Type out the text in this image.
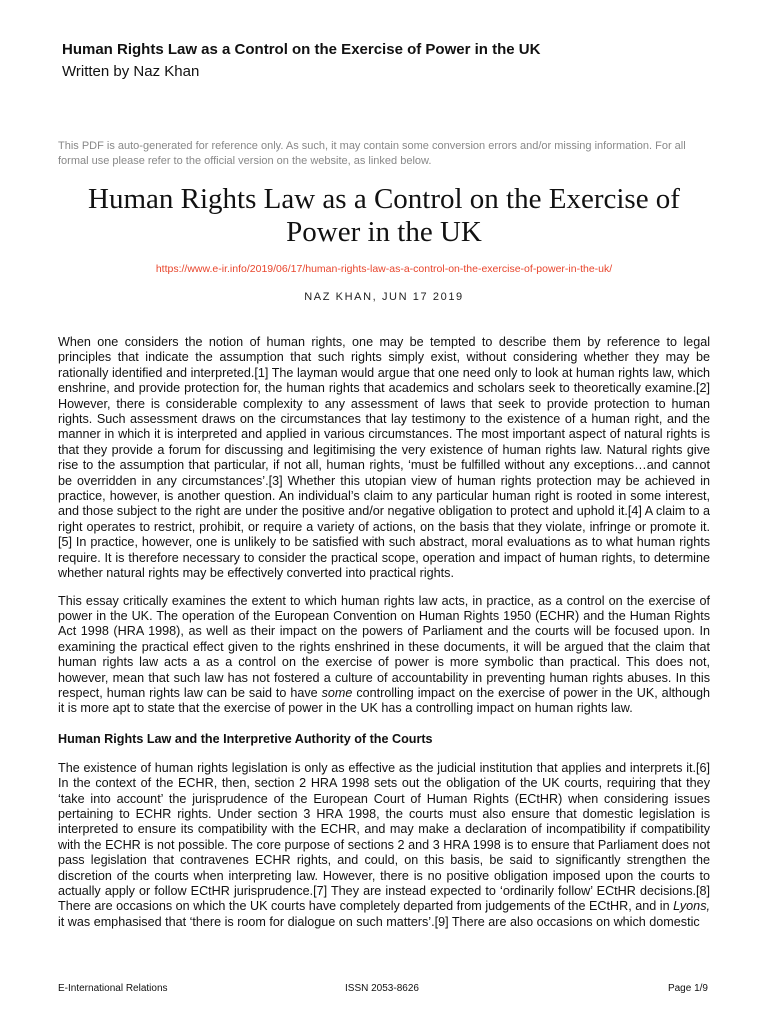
Human Rights Law as a Control on the Exercise of Power in the UK
Written by Naz Khan
This PDF is auto-generated for reference only. As such, it may contain some conversion errors and/or missing information. For all formal use please refer to the official version on the website, as linked below.
Human Rights Law as a Control on the Exercise of Power in the UK
https://www.e-ir.info/2019/06/17/human-rights-law-as-a-control-on-the-exercise-of-power-in-the-uk/
NAZ KHAN, JUN 17 2019

When one considers the notion of human rights, one may be tempted to describe them by reference to legal principles that indicate the assumption that such rights simply exist, without considering whether they may be rationally identified and interpreted.[1] The layman would argue that one need only to look at human rights law, which enshrine, and provide protection for, the human rights that academics and scholars seek to theoretically examine.[2] However, there is considerable complexity to any assessment of laws that seek to provide protection to human rights. Such assessment draws on the circumstances that lay testimony to the existence of a human right, and the manner in which it is interpreted and applied in various circumstances. The most important aspect of natural rights is that they provide a forum for discussing and legitimising the very existence of human rights law. Natural rights give rise to the assumption that particular, if not all, human rights, ‘must be fulfilled without any exceptions…and cannot be overridden in any circumstances’.[3] Whether this utopian view of human rights protection may be achieved in practice, however, is another question. An individual’s claim to any particular human right is rooted in some interest, and those subject to the right are under the positive and/or negative obligation to protect and uphold it.[4] A claim to a right operates to restrict, prohibit, or require a variety of actions, on the basis that they violate, infringe or promote it.[5] In practice, however, one is unlikely to be satisfied with such abstract, moral evaluations as to what human rights require. It is therefore necessary to consider the practical scope, operation and impact of human rights, to determine whether natural rights may be effectively converted into practical rights.

This essay critically examines the extent to which human rights law acts, in practice, as a control on the exercise of power in the UK. The operation of the European Convention on Human Rights 1950 (ECHR) and the Human Rights Act 1998 (HRA 1998), as well as their impact on the powers of Parliament and the courts will be focused upon. In examining the practical effect given to the rights enshrined in these documents, it will be argued that the claim that human rights law acts a as a control on the exercise of power is more symbolic than practical. This does not, however, mean that such law has not fostered a culture of accountability in preventing human rights abuses. In this respect, human rights law can be said to have some controlling impact on the exercise of power in the UK, although it is more apt to state that the exercise of power in the UK has a controlling impact on human rights law.

Human Rights Law and the Interpretive Authority of the Courts

The existence of human rights legislation is only as effective as the judicial institution that applies and interprets it.[6] In the context of the ECHR, then, section 2 HRA 1998 sets out the obligation of the UK courts, requiring that they ‘take into account’ the jurisprudence of the European Court of Human Rights (ECtHR) when considering issues pertaining to ECHR rights. Under section 3 HRA 1998, the courts must also ensure that domestic legislation is interpreted to ensure its compatibility with the ECHR, and may make a declaration of incompatibility if compatibility with the ECHR is not possible. The core purpose of sections 2 and 3 HRA 1998 is to ensure that Parliament does not pass legislation that contravenes ECHR rights, and could, on this basis, be said to significantly strengthen the discretion of the courts when interpreting law. However, there is no positive obligation imposed upon the courts to actually apply or follow ECtHR jurisprudence.[7] They are instead expected to ‘ordinarily follow’ ECtHR decisions.[8] There are occasions on which the UK courts have completely departed from judgements of the ECtHR, and in Lyons, it was emphasised that ‘there is room for dialogue on such matters’.[9] There are also occasions on which domestic

E-International Relations	ISSN 2053-8626	Page 1/9
